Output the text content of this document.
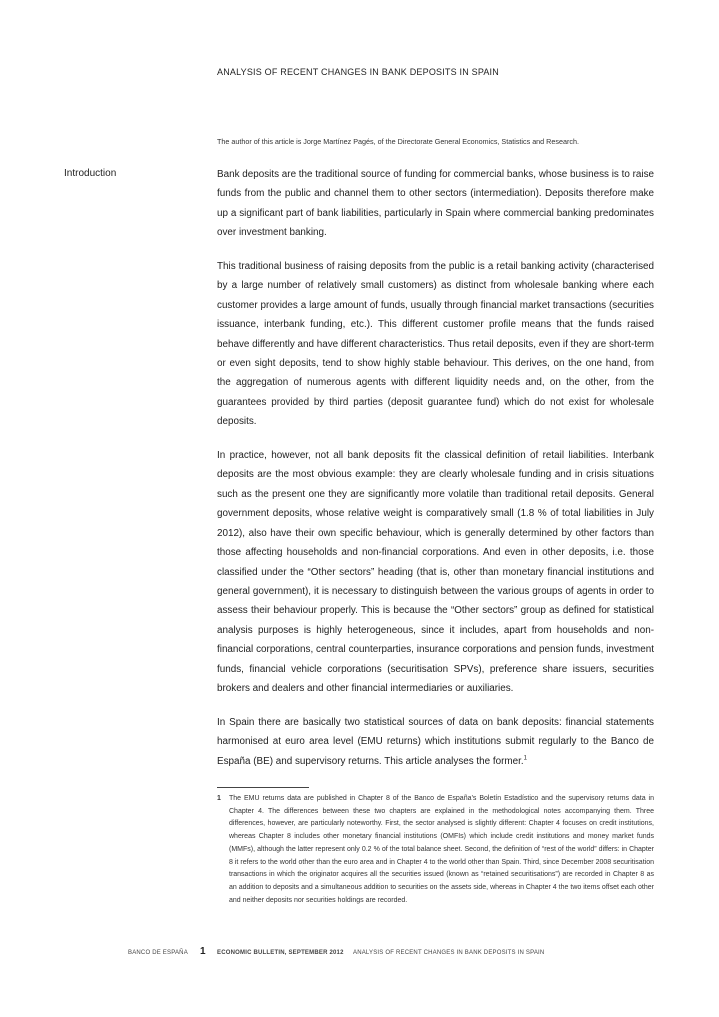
ANALYSIS OF RECENT CHANGES IN BANK DEPOSITS IN SPAIN
The author of this article is Jorge Martínez Pagés, of the Directorate General Economics, Statistics and Research.
Introduction	Bank deposits are the traditional source of funding for commercial banks, whose business is to raise funds from the public and channel them to other sectors (intermediation). Deposits therefore make up a significant part of bank liabilities, particularly in Spain where commercial banking predominates over investment banking.

This traditional business of raising deposits from the public is a retail banking activity (characterised by a large number of relatively small customers) as distinct from wholesale banking where each customer provides a large amount of funds, usually through financial market transactions (securities issuance, interbank funding, etc.). This different customer profile means that the funds raised behave differently and have different characteristics. Thus retail deposits, even if they are short-term or even sight deposits, tend to show highly stable behaviour. This derives, on the one hand, from the aggregation of numerous agents with different liquidity needs and, on the other, from the guarantees provided by third parties (deposit guarantee fund) which do not exist for wholesale deposits.

In practice, however, not all bank deposits fit the classical definition of retail liabilities. Interbank deposits are the most obvious example: they are clearly wholesale funding and in crisis situations such as the present one they are significantly more volatile than traditional retail deposits. General government deposits, whose relative weight is comparatively small (1.8 % of total liabilities in July 2012), also have their own specific behaviour, which is generally determined by other factors than those affecting households and non-financial corporations. And even in other deposits, i.e. those classified under the “Other sectors” heading (that is, other than monetary financial institutions and general government), it is necessary to distinguish between the various groups of agents in order to assess their behaviour properly. This is because the “Other sectors” group as defined for statistical analysis purposes is highly heterogeneous, since it includes, apart from households and non-financial corporations, central counterparties, insurance corporations and pension funds, investment funds, financial vehicle corporations (securitisation SPVs), preference share issuers, securities brokers and dealers and other financial intermediaries or auxiliaries.

In Spain there are basically two statistical sources of data on bank deposits: financial statements harmonised at euro area level (EMU returns) which institutions submit regularly to the Banco de España (BE) and supervisory returns. This article analyses the former.$^1$

1 The EMU returns data are published in Chapter 8 of the Banco de España’s Boletín Estadístico and the supervisory returns data in Chapter 4. The differences between these two chapters are explained in the methodological notes accompanying them. Three differences, however, are particularly noteworthy. First, the sector analysed is slightly different: Chapter 4 focuses on credit institutions, whereas Chapter 8 includes other monetary financial institutions (OMFIs) which include credit institutions and money market funds (MMFs), although the latter represent only 0.2 % of the total balance sheet. Second, the definition of “rest of the world” differs: in Chapter 8 it refers to the world other than the euro area and in Chapter 4 to the world other than Spain. Third, since December 2008 securitisation transactions in which the originator acquires all the securities issued (known as “retained securitisations”) are recorded in Chapter 8 as an addition to deposits and a simultaneous addition to securities on the assets side, whereas in Chapter 4 the two items offset each other and neither deposits nor securities holdings are recorded.
BANCO DE ESPAÑA 1 ECONOMIC BULLETIN, SEPTEMBER 2012 ANALYSIS OF RECENT CHANGES IN BANK DEPOSITS IN SPAIN
